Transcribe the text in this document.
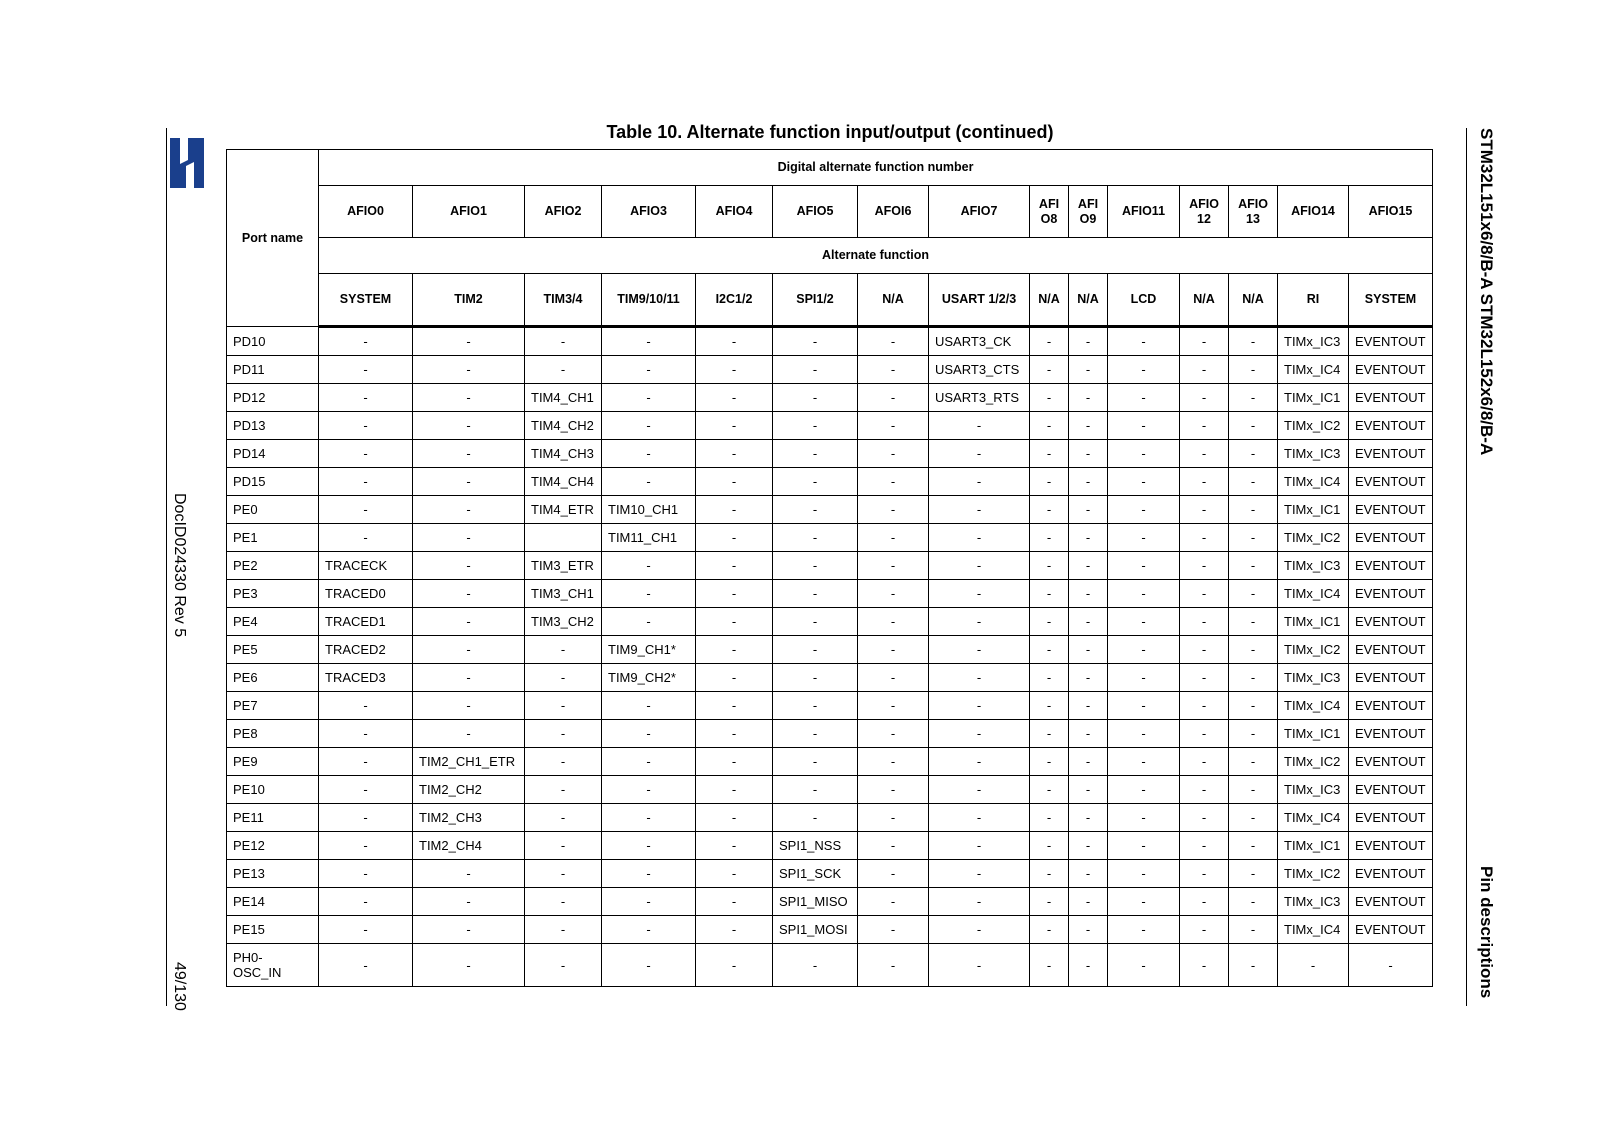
DocID024330 Rev 5
49/130
STM32L151x6/8/B-A STM32L152x6/8/B-A
Pin descriptions
Table 10. Alternate function input/output (continued)
Port name	Digital alternate function number														
	AFIO0	AFIO1	AFIO2	AFIO3	AFIO4	AFIO5	AFOI6	AFIO7	AFI O8	AFI O9	AFIO11	AFIO 12	AFIO 13	AFIO14	AFIO15
	Alternate function														
	SYSTEM	TIM2	TIM3/4	TIM9/10/11	I2C1/2	SPI1/2	N/A	USART 1/2/3	N/A	N/A	LCD	N/A	N/A	RI	SYSTEM
PD10	-	-	-	-	-	-	-	USART3_CK	-	-	-	-	-	TIMx_IC3	EVENTOUT
PD11	-	-	-	-	-	-	-	USART3_CTS	-	-	-	-	-	TIMx_IC4	EVENTOUT
PD12	-	-	TIM4_CH1	-	-	-	-	USART3_RTS	-	-	-	-	-	TIMx_IC1	EVENTOUT
PD13	-	-	TIM4_CH2	-	-	-	-	-	-	-	-	-	-	TIMx_IC2	EVENTOUT
PD14	-	-	TIM4_CH3	-	-	-	-	-	-	-	-	-	-	TIMx_IC3	EVENTOUT
PD15	-	-	TIM4_CH4	-	-	-	-	-	-	-	-	-	-	TIMx_IC4	EVENTOUT
PE0	-	-	TIM4_ETR	TIM10_CH1	-	-	-	-	-	-	-	-	-	TIMx_IC1	EVENTOUT
PE1	-	-		TIM11_CH1	-	-	-	-	-	-	-	-	-	TIMx_IC2	EVENTOUT
PE2	TRACECK	-	TIM3_ETR	-	-	-	-	-	-	-	-	-	-	TIMx_IC3	EVENTOUT
PE3	TRACED0	-	TIM3_CH1	-	-	-	-	-	-	-	-	-	-	TIMx_IC4	EVENTOUT
PE4	TRACED1	-	TIM3_CH2	-	-	-	-	-	-	-	-	-	-	TIMx_IC1	EVENTOUT
PE5	TRACED2	-	-	TIM9_CH1*	-	-	-	-	-	-	-	-	-	TIMx_IC2	EVENTOUT
PE6	TRACED3	-	-	TIM9_CH2*	-	-	-	-	-	-	-	-	-	TIMx_IC3	EVENTOUT
PE7	-	-	-	-	-	-	-	-	-	-	-	-	-	TIMx_IC4	EVENTOUT
PE8	-	-	-	-	-	-	-	-	-	-	-	-	-	TIMx_IC1	EVENTOUT
PE9	-	TIM2_CH1_ETR	-	-	-	-	-	-	-	-	-	-	-	TIMx_IC2	EVENTOUT
PE10	-	TIM2_CH2	-	-	-	-	-	-	-	-	-	-	-	TIMx_IC3	EVENTOUT
PE11	-	TIM2_CH3	-	-	-	-	-	-	-	-	-	-	-	TIMx_IC4	EVENTOUT
PE12	-	TIM2_CH4	-	-	-	SPI1_NSS	-	-	-	-	-	-	-	TIMx_IC1	EVENTOUT
PE13	-	-	-	-	-	SPI1_SCK	-	-	-	-	-	-	-	TIMx_IC2	EVENTOUT
PE14	-	-	-	-	-	SPI1_MISO	-	-	-	-	-	-	-	TIMx_IC3	EVENTOUT
PE15	-	-	-	-	-	SPI1_MOSI	-	-	-	-	-	-	-	TIMx_IC4	EVENTOUT
PH0-
OSC_IN	-	-	-	-	-	-	-	-	-	-	-	-	-	-	-
